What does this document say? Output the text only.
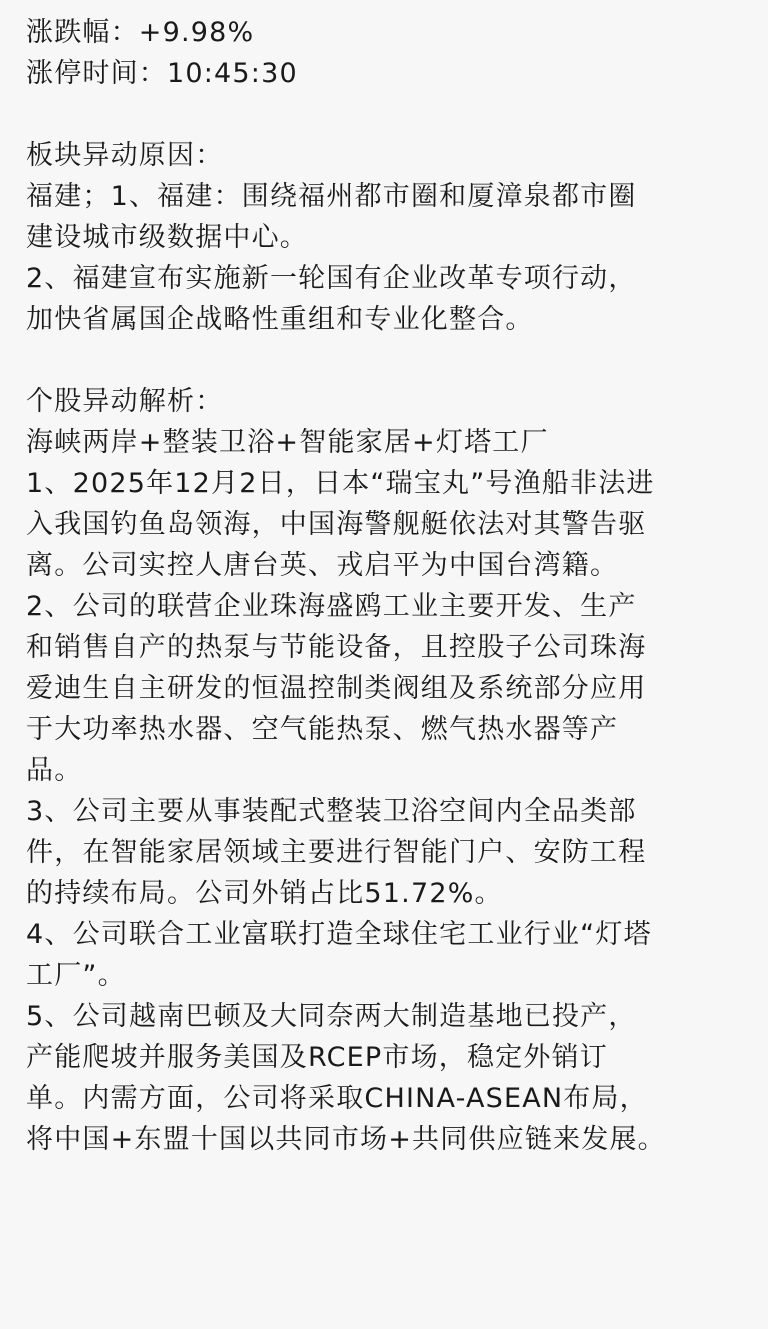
涨跌幅：+9.98%
涨停时间：10:45:30
板块异动原因：
福建；1、福建：围绕福州都市圈和厦漳泉都市圈
建设城市级数据中心。
2、福建宣布实施新一轮国有企业改革专项行动，
加快省属国企战略性重组和专业化整合。
个股异动解析：
海峡两岸+整装卫浴+智能家居+灯塔工厂
1、2025年12月2日，日本“瑞宝丸”号渔船非法进
入我国钓鱼岛领海，中国海警舰艇依法对其警告驱
离。公司实控人唐台英、戎启平为中国台湾籍。
2、公司的联营企业珠海盛鸥工业主要开发、生产
和销售自产的热泵与节能设备，且控股子公司珠海
爱迪生自主研发的恒温控制类阀组及系统部分应用
于大功率热水器、空气能热泵、燃气热水器等产
品。
3、公司主要从事装配式整装卫浴空间内全品类部
件，在智能家居领域主要进行智能门户、安防工程
的持续布局。公司外销占比51.72%。
4、公司联合工业富联打造全球住宅工业行业“灯塔
工厂”。
5、公司越南巴顿及大同奈两大制造基地已投产，
产能爬坡并服务美国及RCEP市场，稳定外销订
单。内需方面，公司将采取CHINA-ASEAN布局，
将中国+东盟十国以共同市场+共同供应链来发展。
